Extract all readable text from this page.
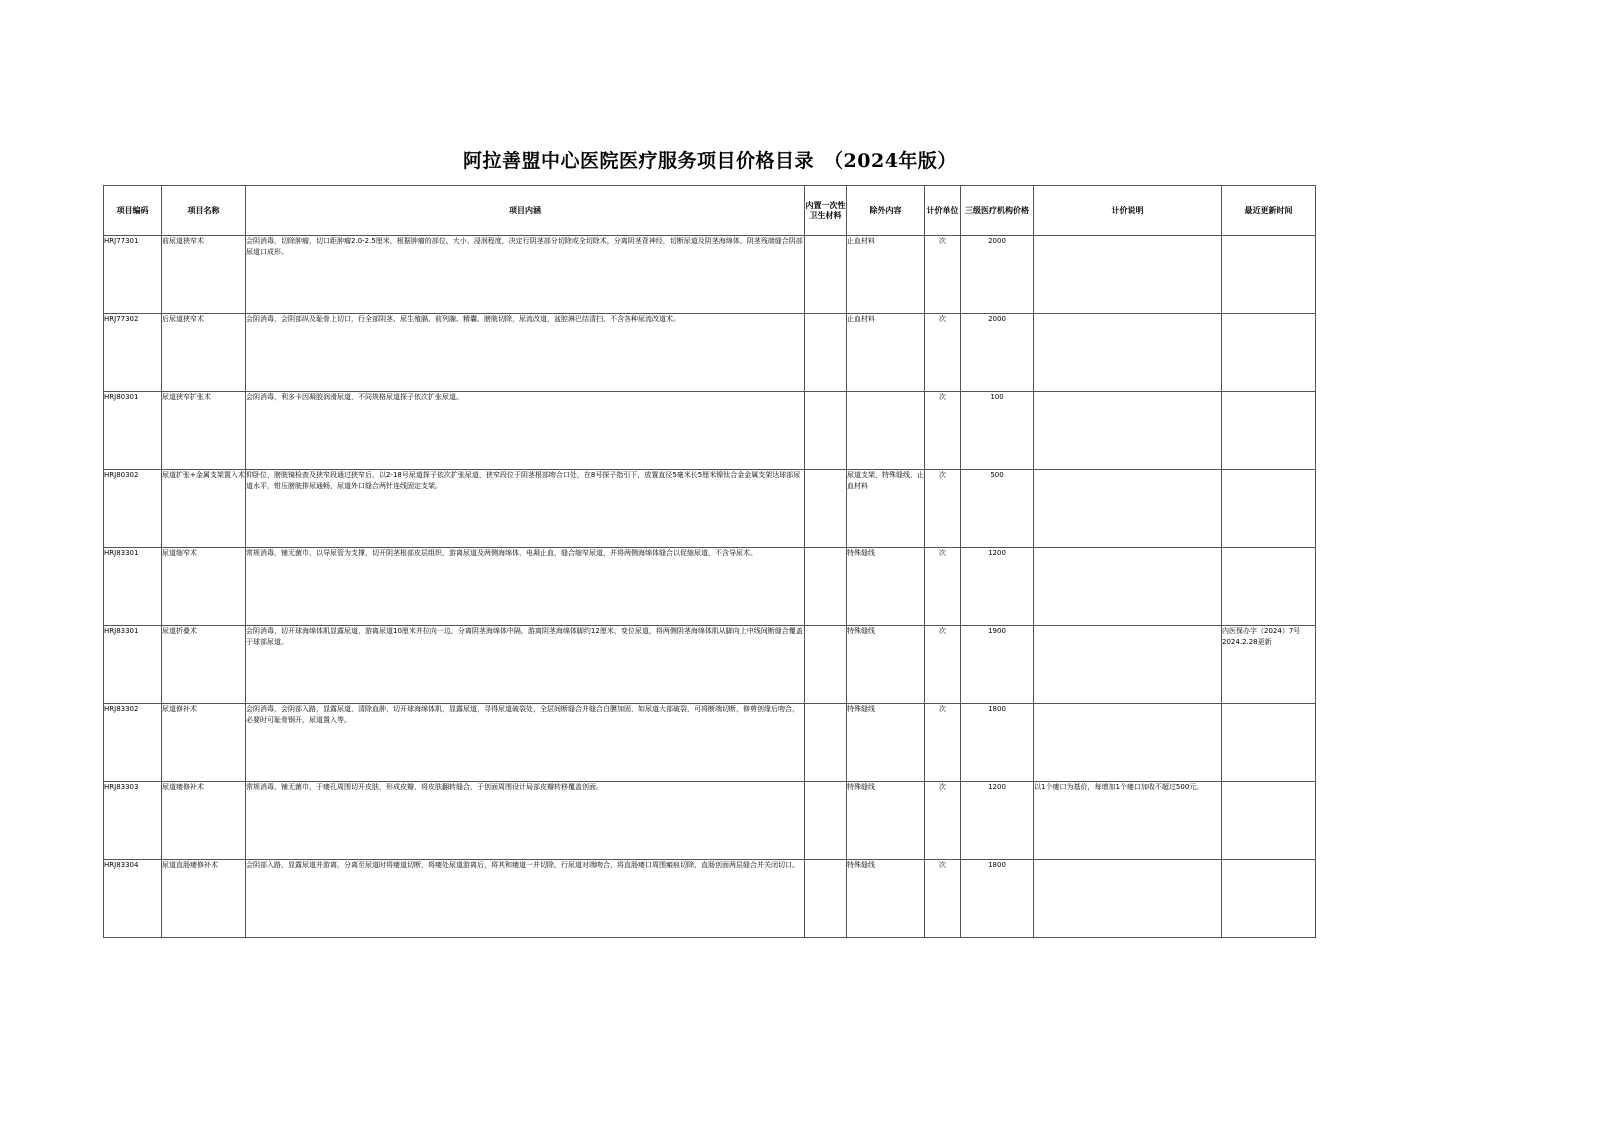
阿拉善盟中心医院医疗服务项目价格目录　（2024年版）
项目编码	项目名称	项目内涵	内置一次性卫生材料	除外内容	计价单位	三级医疗机构价格	计价说明	最近更新时间
HRJ77301	前尿道狭窄术	会阴消毒，切除肿瘤，切口距肿瘤2.0-2.5厘米，根据肿瘤的部位、大小、浸润程度，决定行阴茎部分切除或全切除术，分离阴茎背神经，切断尿道及阴茎海绵体，阴茎残端缝合阴部尿道口成形。		止血材料	次	2000		
HRJ77302	后尿道狭窄术	会阴消毒，会阴部纵及耻骨上切口，行全部阴茎、尿生殖膈、前列腺、精囊、膀胱切除，尿流改道，盆腔淋巴结清扫，不含各种尿流改道术。		止血材料	次	2000		
HRJ80301	尿道狭窄扩张术	会阴消毒，利多卡因凝胶润滑尿道，不同规格尿道探子依次扩张尿道。			次	100		
HRJ80302	尿道扩张+金属支架置入术	仰卧位，膀胱镜检查及狭窄段通过狭窄后，以2-18号尿道探子依次扩张尿道，狭窄段位于阴茎根部吻合口处，在8号探子指引下，放置直径5毫米长5厘米镍钛合金金属支架达球部尿道水平，钳压膀胱排尿通畅，尿道外口缝合两针连线固定支架。		尿道支架，特殊缝线，止血材料	次	500		
HRJ83301	尿道缩窄术	常规消毒，铺无菌巾，以导尿管为支撑，切开阴茎根部皮层组织，游离尿道及两侧海绵体，电凝止血，缝合缩窄尿道，并将两侧海绵体缝合以促缩尿道，不含导尿术。		特殊缝线	次	1200		
HRJ83301	尿道折叠术	会阴消毒，切开球海绵体肌显露尿道，游离尿道10厘米并拉向一边，分离阴茎海绵体中隔，游离阴茎海绵体脚约12厘米，变位尿道，将两侧阴茎海绵体肌从脚向上中线间断缝合覆盖于球部尿道。		特殊缝线	次	1900		内医保办字（2024）7号 2024.2.28更新
HRJ83302	尿道修补术	会阴消毒，会阴部入路，显露尿道，清除血肿，切开球海绵体肌，显露尿道，寻得尿道破裂处，全层间断缝合并缝合白膜加固，如尿道大部破裂，可将断端切断，修剪创缘后吻合，必要时可耻骨钢开，尿道置入等。		特殊缝线	次	1800		
HRJ83303	尿道瘘修补术	常规消毒，铺无菌巾，于瘘孔周围切开皮肤，形成皮瓣，将皮肤翻转缝合，于创面周围设计局部皮瓣转移覆盖创面。		特殊缝线	次	1200	以1个瘘口为基价，每增加1个瘘口加收不超过500元。	
HRJ83304	尿道直肠瘘修补术	会阴部入路，显露尿道并游离，分离至尿道时将瘘道切断，将瘘处尿道游离后，将其和瘘道一并切除，行尿道对端吻合，将直肠瘘口周围瘢痕切除，直肠创面两层缝合并关闭切口。		特殊缝线	次	1800		
